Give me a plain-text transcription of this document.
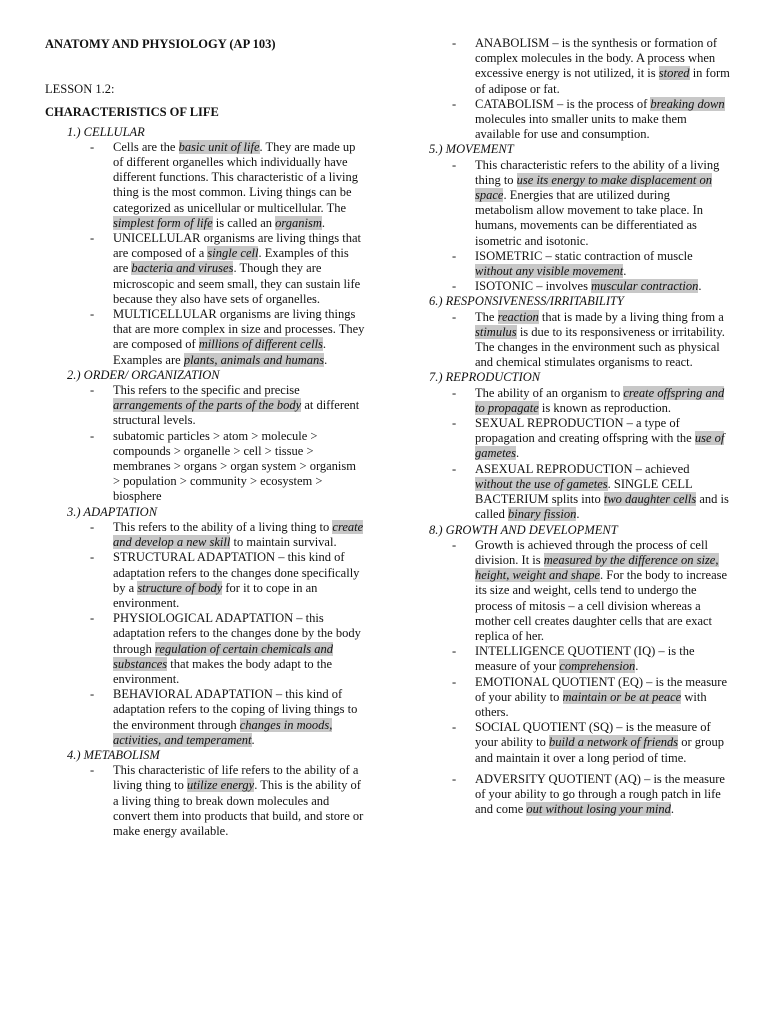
ANATOMY AND PHYSIOLOGY (AP 103)
LESSON 1.2:
CHARACTERISTICS OF LIFE
1.) CELLULAR
- Cells are the basic unit of life. They are made up of different organelles which individually have different functions. This characteristic of a living thing is the most common. Living things can be categorized as unicellular or multicellular. The simplest form of life is called an organism.
- UNICELLULAR organisms are living things that are composed of a single cell. Examples of this are bacteria and viruses. Though they are microscopic and seem small, they can sustain life because they also have sets of organelles.
- MULTICELLULAR organisms are living things that are more complex in size and processes. They are composed of millions of different cells. Examples are plants, animals and humans.
2.) ORDER/ ORGANIZATION
- This refers to the specific and precise arrangements of the parts of the body at different structural levels.
- subatomic particles > atom > molecule > compounds > organelle > cell > tissue > membranes > organs > organ system > organism > population > community > ecosystem > biosphere
3.) ADAPTATION
- This refers to the ability of a living thing to create and develop a new skill to maintain survival.
- STRUCTURAL ADAPTATION – this kind of adaptation refers to the changes done specifically by a structure of body for it to cope in an environment.
- PHYSIOLOGICAL ADAPTATION – this adaptation refers to the changes done by the body through regulation of certain chemicals and substances that makes the body adapt to the environment.
- BEHAVIORAL ADAPTATION – this kind of adaptation refers to the coping of living things to the environment through changes in moods, activities, and temperament.
4.) METABOLISM
- This characteristic of life refers to the ability of a living thing to utilize energy. This is the ability of a living thing to break down molecules and convert them into products that build, and store or make energy available.
- ANABOLISM – is the synthesis or formation of complex molecules in the body. A process when excessive energy is not utilized, it is stored in form of adipose or fat.
- CATABOLISM – is the process of breaking down molecules into smaller units to make them available for use and consumption.
5.) MOVEMENT
- This characteristic refers to the ability of a living thing to use its energy to make displacement on space. Energies that are utilized during metabolism allow movement to take place. In humans, movements can be differentiated as isometric and isotonic.
- ISOMETRIC – static contraction of muscle without any visible movement.
- ISOTONIC – involves muscular contraction.
6.) RESPONSIVENESS/IRRITABILITY
- The reaction that is made by a living thing from a stimulus is due to its responsiveness or irritability. The changes in the environment such as physical and chemical stimulates organisms to react.
7.) REPRODUCTION
- The ability of an organism to create offspring and to propagate is known as reproduction.
- SEXUAL REPRODUCTION – a type of propagation and creating offspring with the use of gametes.
- ASEXUAL REPRODUCTION – achieved without the use of gametes. SINGLE CELL BACTERIUM splits into two daughter cells and is called binary fission.
8.) GROWTH AND DEVELOPMENT
- Growth is achieved through the process of cell division. It is measured by the difference on size, height, weight and shape. For the body to increase its size and weight, cells tend to undergo the process of mitosis – a cell division whereas a mother cell creates daughter cells that are exact replica of her.
- INTELLIGENCE QUOTIENT (IQ) – is the measure of your comprehension.
- EMOTIONAL QUOTIENT (EQ) – is the measure of your ability to maintain or be at peace with others.
- SOCIAL QUOTIENT (SQ) – is the measure of your ability to build a network of friends or group and maintain it over a long period of time.
- ADVERSITY QUOTIENT (AQ) – is the measure of your ability to go through a rough patch in life and come out without losing your mind.
